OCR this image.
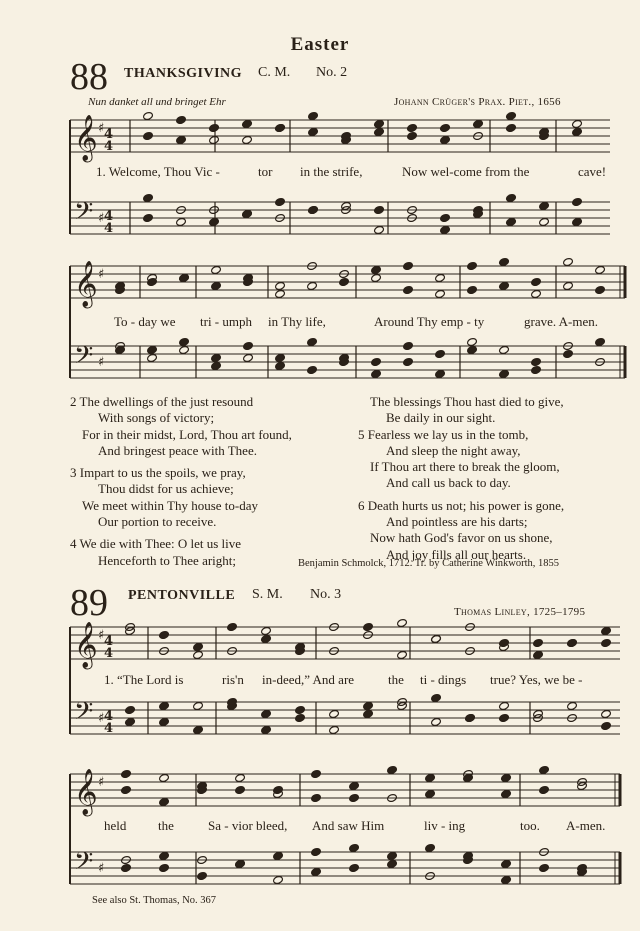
Easter
88 THANKSGIVING C. M. No. 2
Nun danket all und bringet Ehr	Johann Crüger's Prax. Piet., 1656
𝄞
𝄢
♯
♯
𝄞
𝄢
♯
♯
𝄞
𝄢
♯
♯
𝄞
𝄢
♯
♯
4
4
4
4
4
4
4
4
1. Welcome, Thou Vic -	tor in the strife,	Now wel-come from the	cave!
To - day we tri - umph in Thy life,	Around Thy emp - ty	grave. A-men.
2 The dwellings of the just resound
With songs of victory;
For in their midst, Lord, Thou art found,
And bringest peace with Thee.
3 Impart to us the spoils, we pray,
Thou didst for us achieve;
We meet within Thy house to-day
Our portion to receive.
4 We die with Thee: O let us live
Henceforth to Thee aright;
The blessings Thou hast died to give,
Be daily in our sight.
5 Fearless we lay us in the tomb,
And sleep the night away,
If Thou art there to break the gloom,
And call us back to day.
6 Death hurts us not; his power is gone,
And pointless are his darts;
Now hath God's favor on us shone,
And joy fills all our hearts.
Benjamin Schmolck, 1712. Tr. by Catherine Winkworth, 1855
89 PENTONVILLE S. M. No. 3
Thomas Linley, 1725–1795
1. “The Lord is	ris'n in-deed,” And are	the ti - dings true? Yes, we be -
held the	Sa - vior bleed, And saw Him	liv - ing	too. A-men.
See also St. Thomas, No. 367
